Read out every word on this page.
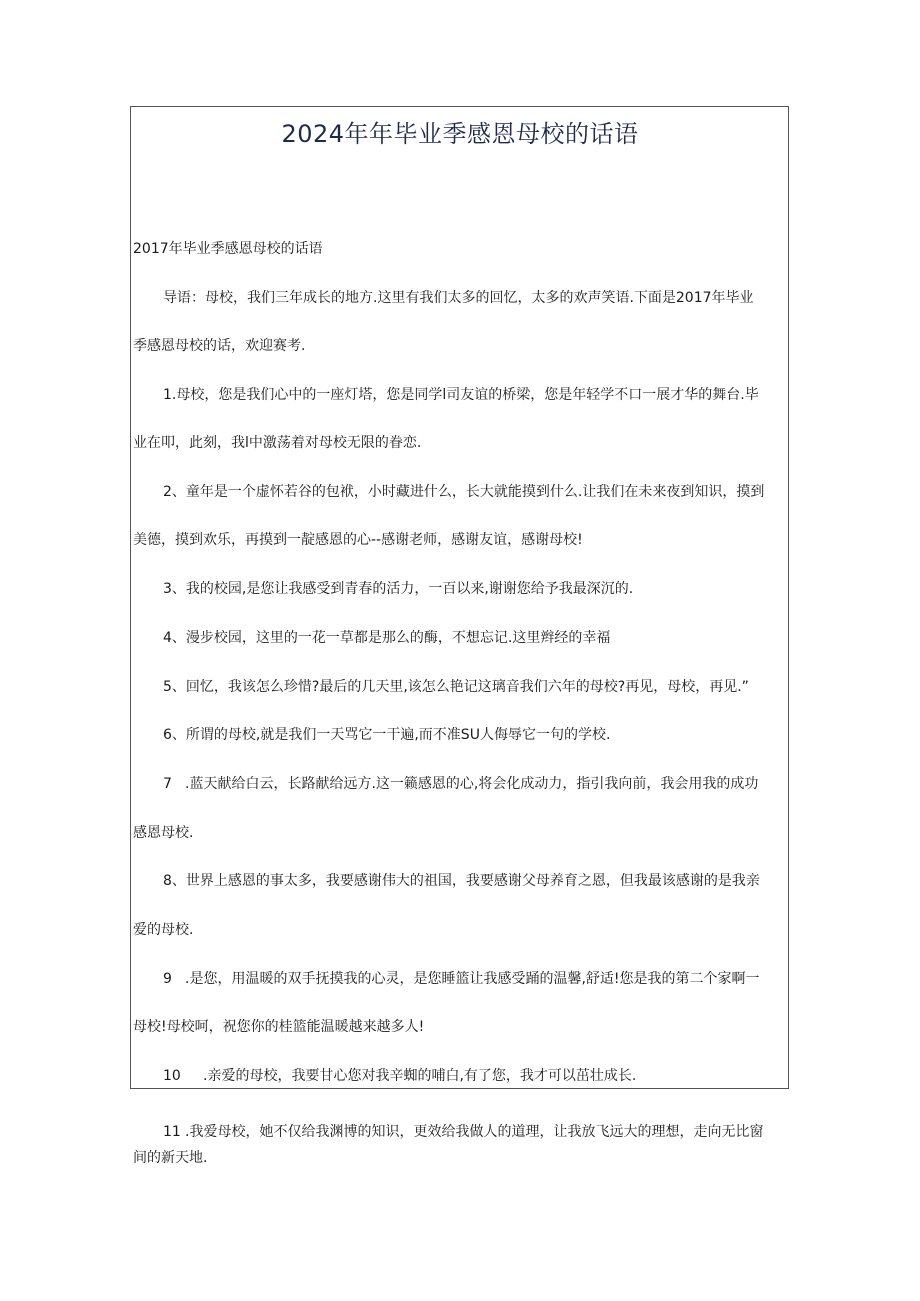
2024年年毕业季感恩母校的话语
2017年毕业季感恩母校的话语
导语：母校，我们三年成长的地方.这里有我们太多的回忆，太多的欢声笑语.下面是2017年毕业
季感恩母校的话，欢迎赛考.
1.母校，您是我们心中的一座灯塔，您是同学l司友谊的桥梁，您是年轻学不口一展才华的舞台.毕
业在叩，此刻，我l中激荡着对母校无限的眷恋.
2、童年是一个虚怀若谷的包袱，小时藏进什么，长大就能摸到什么.让我们在未来夜到知识，摸到
美德，摸到欢乐，再摸到一靛感恩的心--感谢老师，感谢友谊，感谢母校!
3、我的校园,是您让我感受到青春的活力，一百以来,谢谢您给予我最深沉的.
4、漫步校园，这里的一花一草都是那么的酶，不想忘记.这里辫经的幸福
5、回忆，我该怎么珍惜?最后的几天里,该怎么艳记这璃音我们六年的母校?再见，母校，再见.”
6、所谓的母校,就是我们一天骂它一干遍,而不准SU人侮辱它一句的学校.
7 .蓝天献给白云，长路献给远方.这一籁感恩的心,将会化成动力，指引我向前，我会用我的成功
感恩母校.
8、世界上感恩的事太多，我要感谢伟大的祖国，我要感谢父母养育之恩，但我最该感谢的是我亲
爱的母校.
9 .是您，用温暖的双手抚摸我的心灵，是您睡篮让我感受踊的温馨,舒适!您是我的第二个家啊一
母校!母校呵，祝您你的桂篮能温暖越来越多人!
10 .亲爱的母校，我要甘心您对我辛蜘的哺白,有了您，我才可以茁壮成长.
11 .我爱母校，她不仅给我渊博的知识，更效给我做人的道理，让我放飞远大的理想，走向无比窗
间的新天地.
